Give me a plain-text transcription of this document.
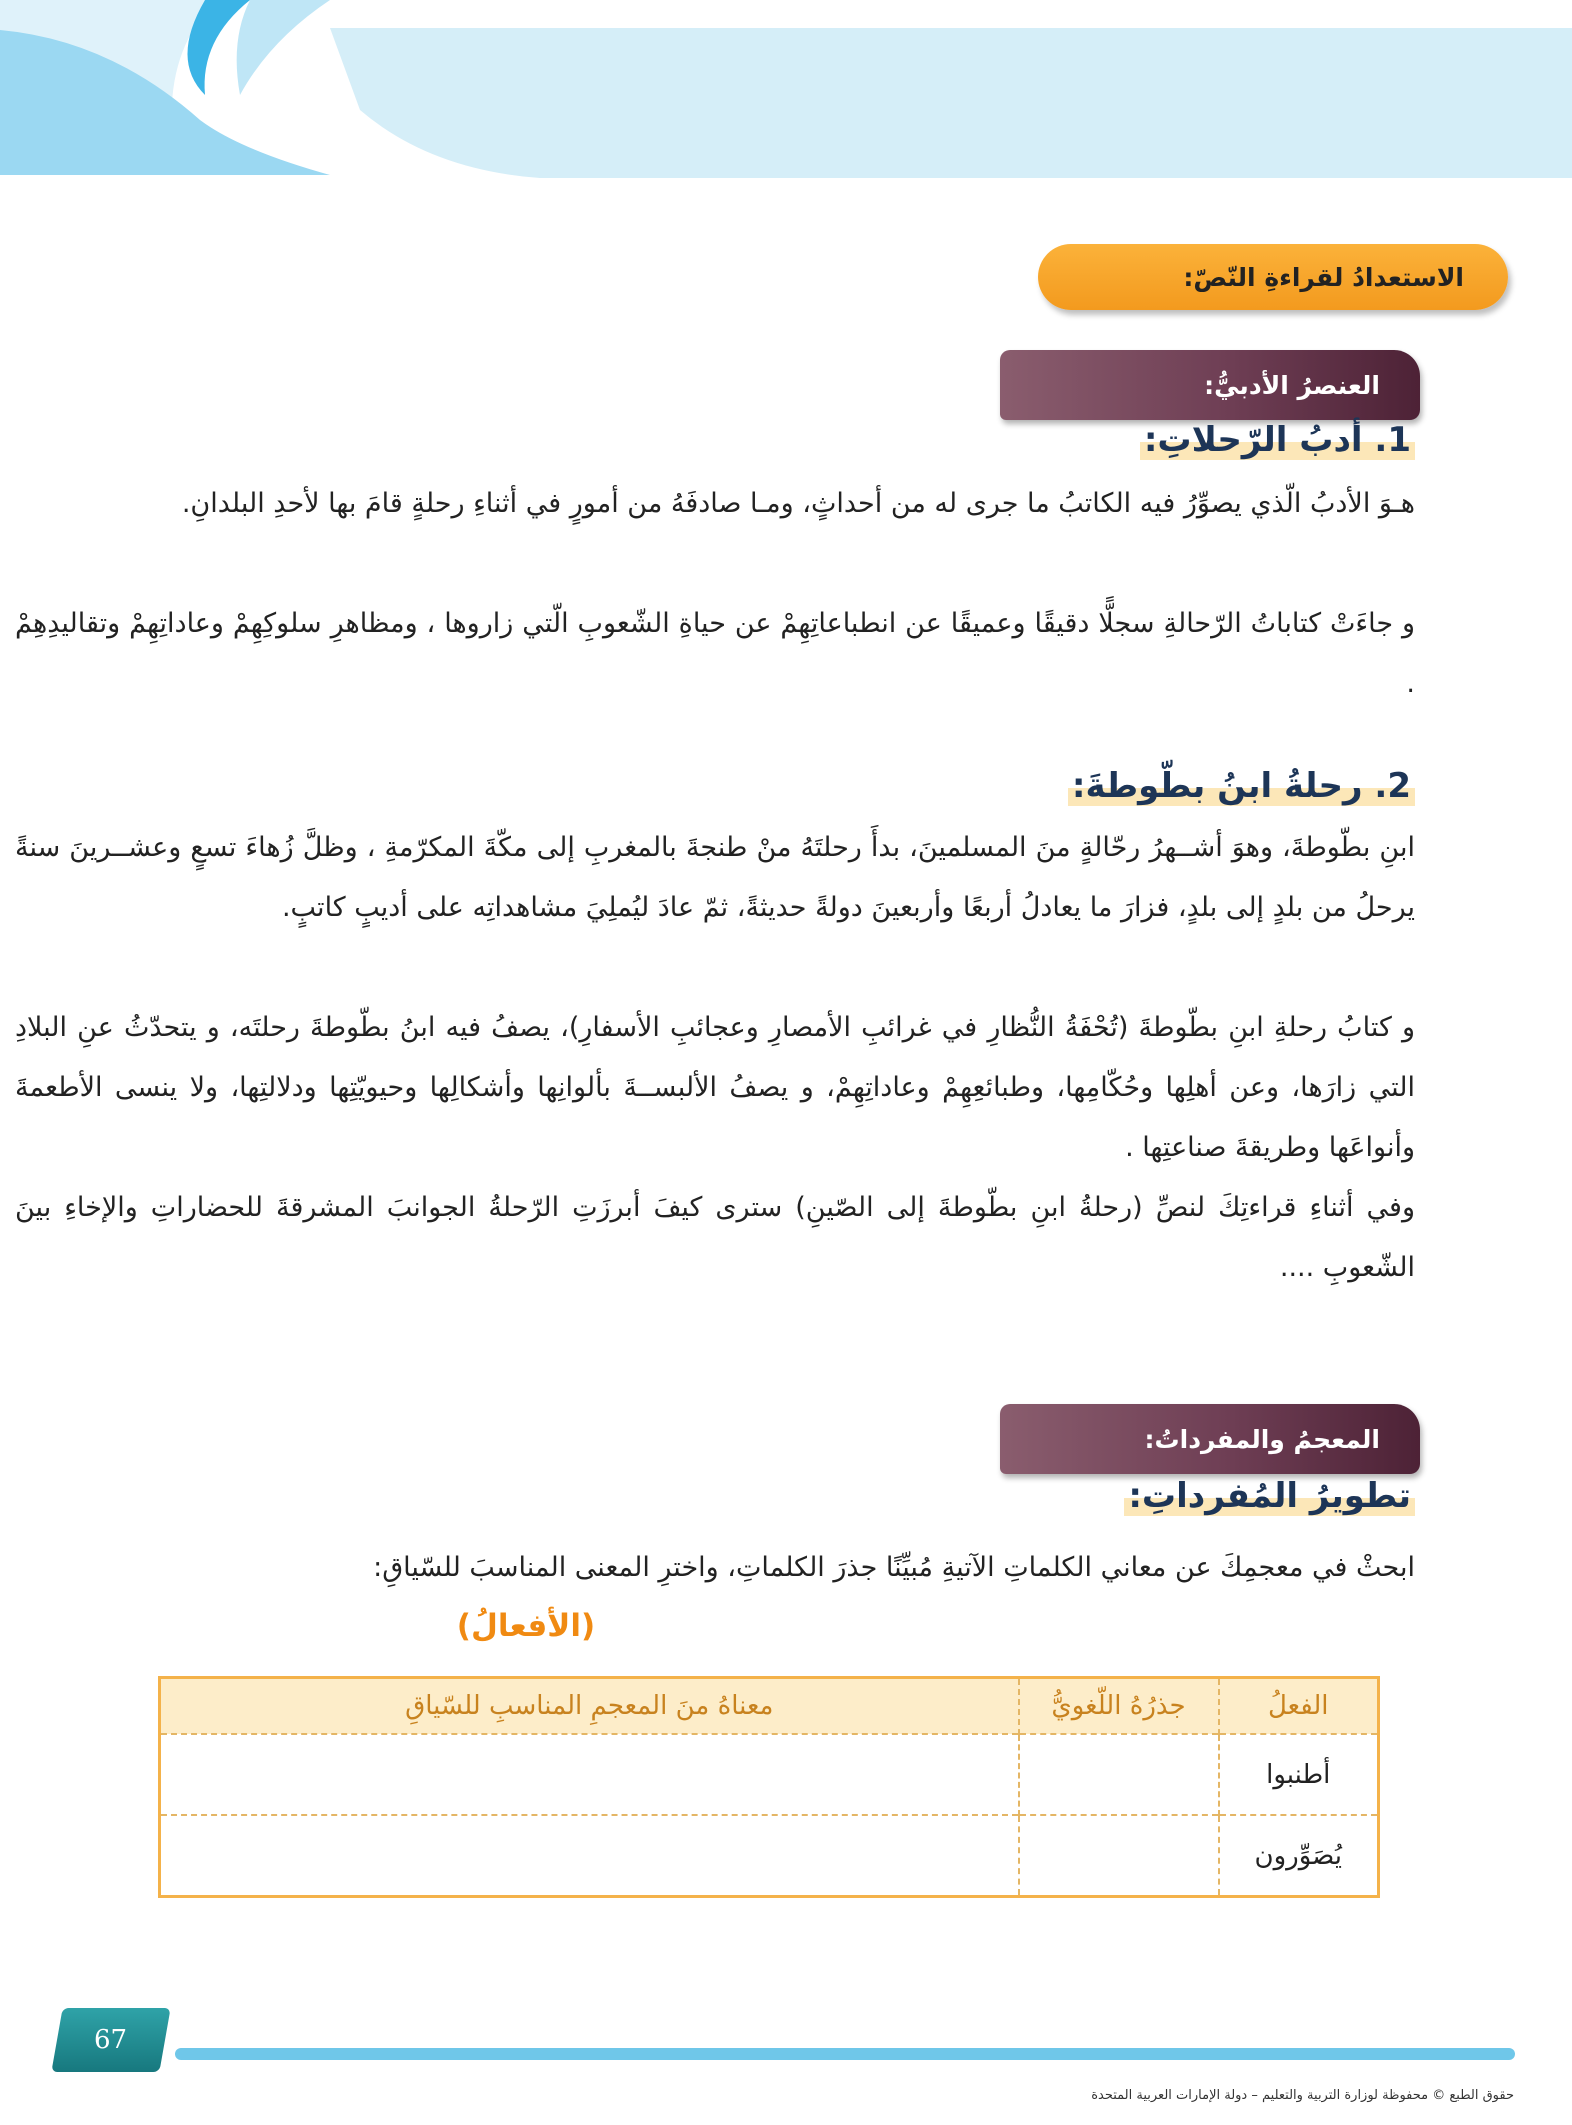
الاستعدادُ لقراءةِ النّصّ:
العنصرُ الأدبيُّ:
1. أدبُ الرّحلاتِ:

هـوَ الأدبُ الّذي يصوِّرُ فيه الكاتبُ ما جرى له من أحداثٍ، ومـا صادفَهُ من أمورٍ في أثناءِ رحلةٍ قامَ بها لأحدِ البلدانِ.

و جاءَتْ كتاباتُ الرّحالةِ سجلًّا دقيقًا وعميقًا عن انطباعاتِهِمْ عن حياةِ الشّعوبِ الّتي زاروها ، ومظاهرِ سلوكِهِمْ وعاداتِهِمْ وتقاليدِهِمْ .

2. رحلةُ ابنُ بطّوطةَ:

ابنِ بطّوطةَ، وهوَ أشــهرُ رحّالةٍ منَ المسلمينَ، بدأَ رحلتَهُ منْ طنجةَ بالمغربِ إلى مكّةَ المكرّمةِ ، وظلَّ زُهاءَ تسعٍ وعشــرينَ سنةً يرحلُ من بلدٍ إلى بلدٍ، فزارَ ما يعادلُ أربعًا وأربعينَ دولةً حديثةً، ثمّ عادَ ليُملِيَ مشاهداتِه على أديبٍ كاتبٍ.

و كتابُ رحلةِ ابنِ بطّوطةَ (تُحْفَةُ النُّظارِ في غرائبِ الأمصارِ وعجائبِ الأسفارِ)، يصفُ فيه ابنُ بطّوطةَ رحلتَه، و يتحدّثُ عنِ البلادِ التي زارَها، وعن أهلِها وحُكّامِها، وطبائعِهِمْ وعاداتِهِمْ، و يصفُ الألبســةَ بألوانِها وأشكالِها وحيويّتِها ودلالتِها، ولا ينسى الأطعمةَ وأنواعَها وطريقةَ صناعتِها .

وفي أثناءِ قراءتِكَ لنصِّ (رحلةُ ابنِ بطّوطةَ إلى الصّينِ) سترى كيفَ أبرزَتِ الرّحلةُ الجوانبَ المشرقةَ للحضاراتِ والإخاءِ بينَ الشّعوبِ ....

المعجمُ والمفرداتُ:
تطويرُ المُفرداتِ:
ابحثْ في معجمِكَ عن معاني الكلماتِ الآتيةِ مُبيِّنًا جذرَ الكلماتِ، واخترِ المعنى المناسبَ للسّياقِ:
(الأفعالُ)
الفعلُ	جذرُهُ اللّغويُّ	معناهُ منَ المعجمِ المناسبِ للسّياقِ
أطنبوا		
يُصَوِّرون		
67
حقوق الطبع © محفوظة لوزارة التربية والتعليم – دولة الإمارات العربية المتحدة
